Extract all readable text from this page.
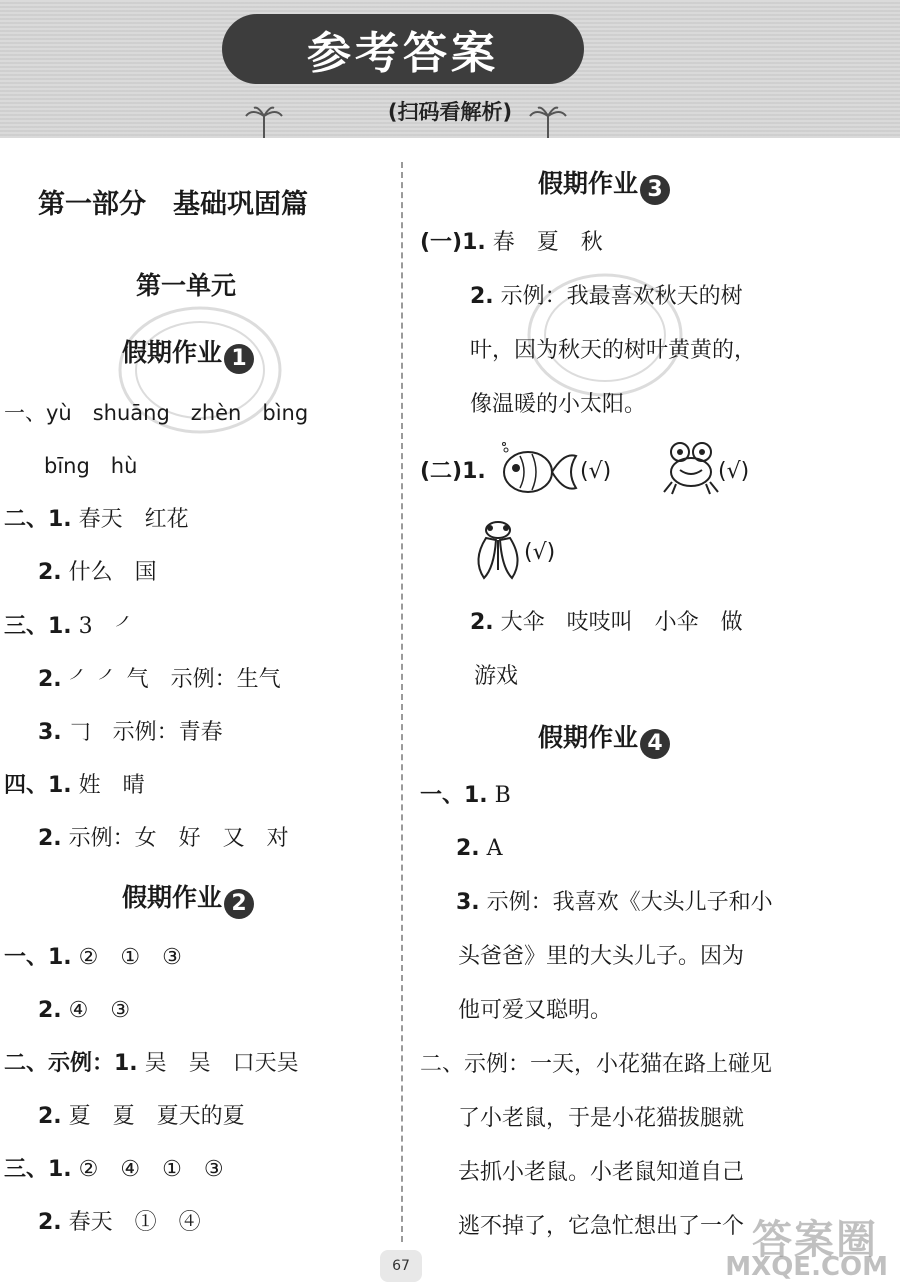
参考答案
(扫码看解析)
第一部分　基础巩固篇
第一单元
假期作业 1
一、yù　shuāng　zhèn　bìng
bīng　hù
二、1. 春天　红花
2. 什么　国
三、1. 3　㇒
2. ㇒ ㇒ 气　示例：生气
3. 𠃌　示例：青春
四、1. 姓　晴
2. 示例：女　好　又　对
假期作业 2
一、1. ②　①　③
2. ④　③
二、示例：1. 吴　吴　口天吴
2. 夏　夏　夏天的夏
三、1. ②　④　①　③
2. 春天　①　④
假期作业 3
(一)1. 春　夏　秋
2. 示例：我最喜欢秋天的树
叶，因为秋天的树叶黄黄的，
像温暖的小太阳。
(二)1.	(√)	(√)
(√)
2. 大伞　吱吱叫　小伞　做
游戏
假期作业 4
一、1. B
2. A
3. 示例：我喜欢《大头儿子和小
头爸爸》里的大头儿子。因为
他可爱又聪明。
二、示例：一天，小花猫在路上碰见
了小老鼠，于是小花猫拔腿就
去抓小老鼠。小老鼠知道自己
逃不掉了，它急忙想出了一个
67
答案圈
MXQE.COM
